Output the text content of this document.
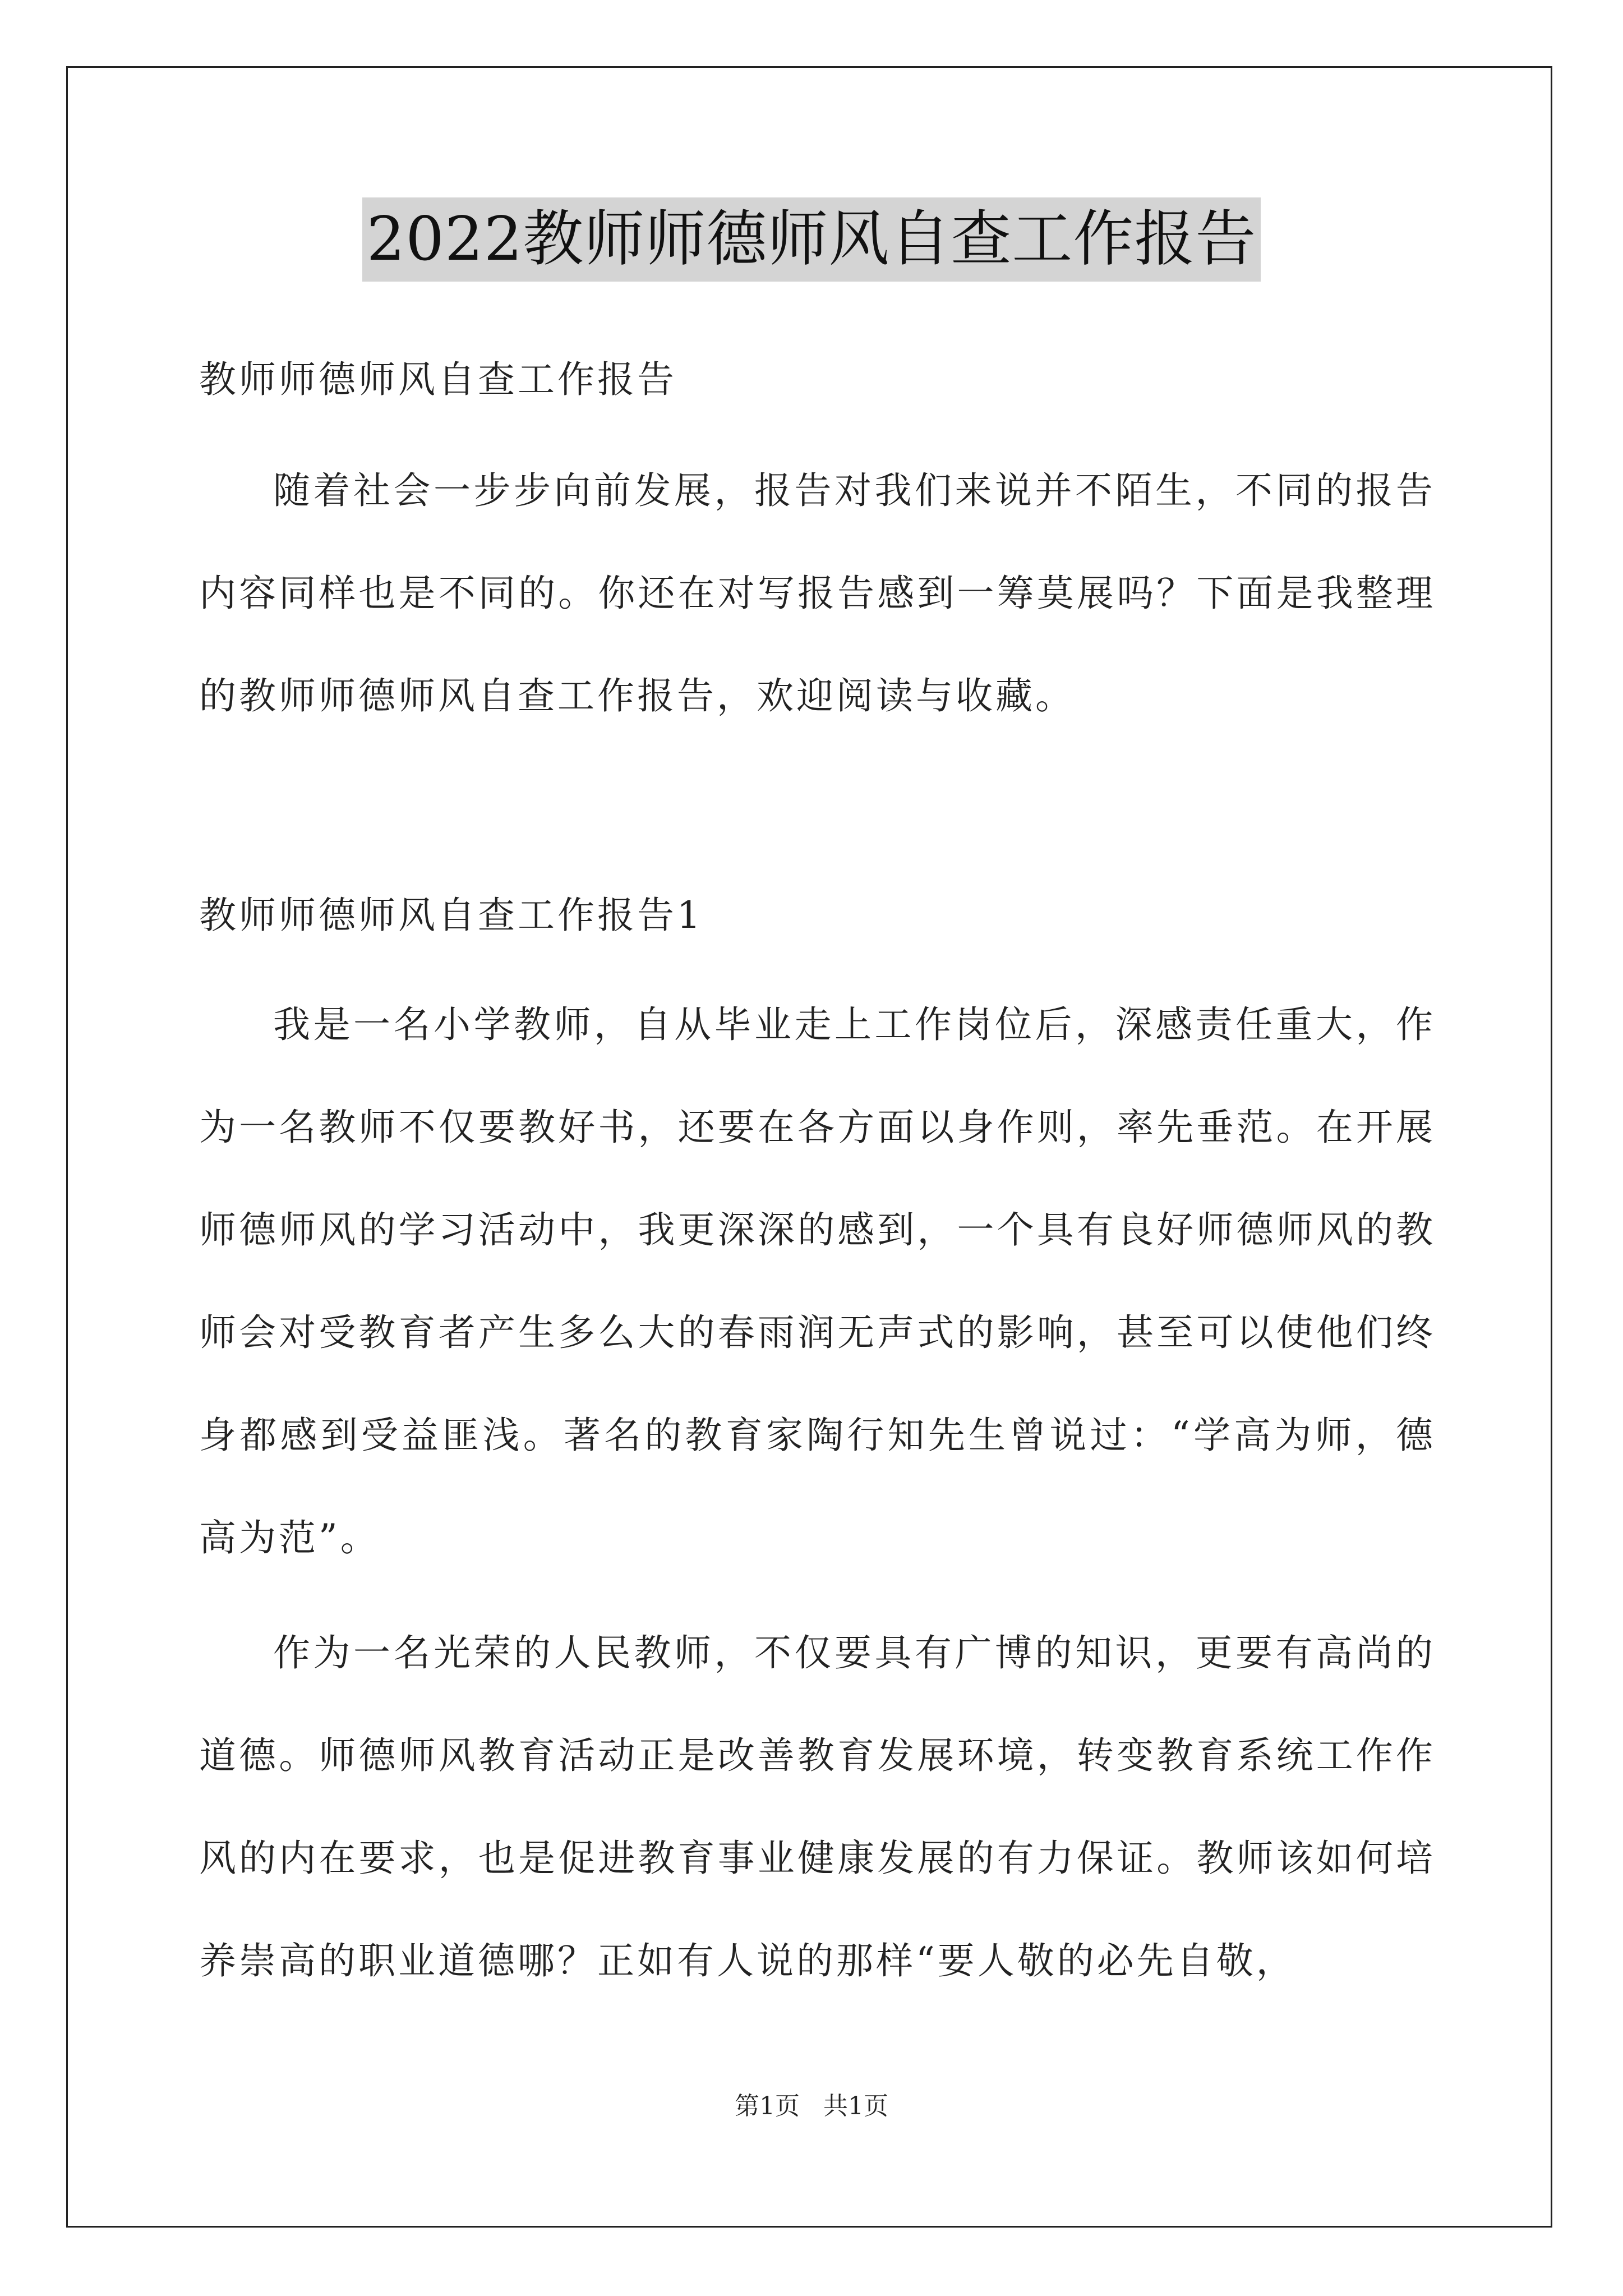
2022教师师德师风自查工作报告
教师师德师风自查工作报告
随着社会一步步向前发展，报告对我们来说并不陌生，不同的报告内容同样也是不同的。你还在对写报告感到一筹莫展吗？下面是我整理的教师师德师风自查工作报告，欢迎阅读与收藏。
教师师德师风自查工作报告1
我是一名小学教师，自从毕业走上工作岗位后，深感责任重大，作为一名教师不仅要教好书，还要在各方面以身作则，率先垂范。在开展师德师风的学习活动中，我更深深的感到，一个具有良好师德师风的教师会对受教育者产生多么大的春雨润无声式的影响，甚至可以使他们终身都感到受益匪浅。著名的教育家陶行知先生曾说过：“学高为师，德高为范”。
作为一名光荣的人民教师，不仅要具有广博的知识，更要有高尚的道德。师德师风教育活动正是改善教育发展环境，转变教育系统工作作风的内在要求，也是促进教育事业健康发展的有力保证。教师该如何培养崇高的职业道德哪？正如有人说的那样“要人敬的必先自敬，
第1页   共1页
